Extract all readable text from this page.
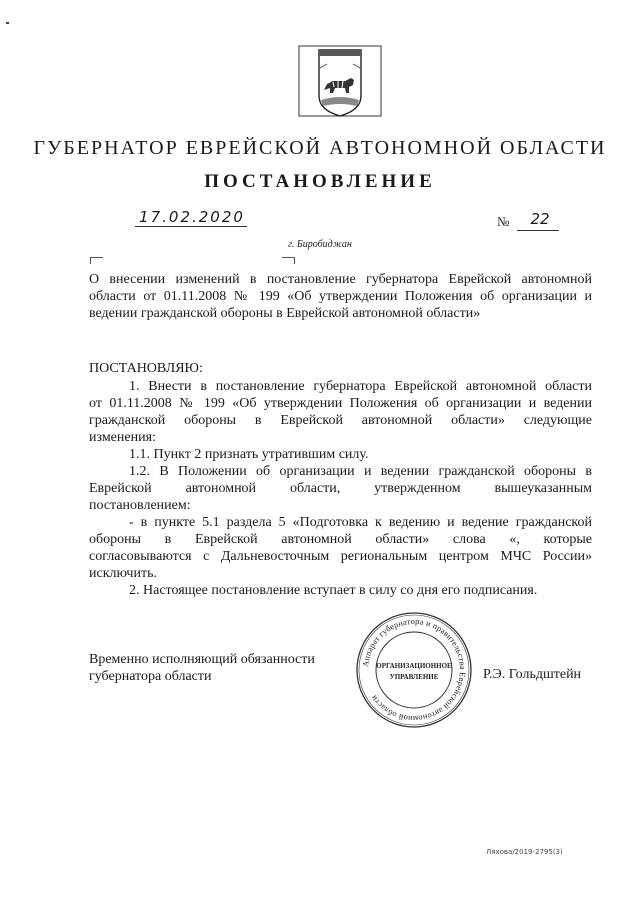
ГУБЕРНАТОР ЕВРЕЙСКОЙ АВТОНОМНОЙ ОБЛАСТИ
ПОСТАНОВЛЕНИЕ
17.02.2020	№	22
г. Биробиджан
О внесении изменений в постановление губернатора Еврейской автономной
области от 01.11.2008 № 199 «Об утверждении Положения об организации и
ведении гражданской обороны в Еврейской автономной области»
ПОСТАНОВЛЯЮ:
1. Внести в постановление губернатора Еврейской автономной области
от 01.11.2008 № 199 «Об утверждении Положения об организации и ведении
гражданской обороны в Еврейской автономной области» следующие
изменения:
1.1. Пункт 2 признать утратившим силу.
1.2. В Положении об организации и ведении гражданской обороны в
Еврейской автономной области, утвержденном вышеуказанным
постановлением:
- в пункте 5.1 раздела 5 «Подготовка к ведению и ведение гражданской
обороны в Еврейской автономной области» слова «, которые
согласовываются с Дальневосточным региональным центром МЧС России»
исключить.
2. Настоящее постановление вступает в силу со дня его подписания.
Временно исполняющий обязанности
губернатора области	Р.Э. Гольдштейн
Аппарат губернатора и правительства Еврейской автономной области
ОРГАНИЗАЦИОННОЕ
УПРАВЛЕНИЕ
Ляхова/2019-2795(3)
